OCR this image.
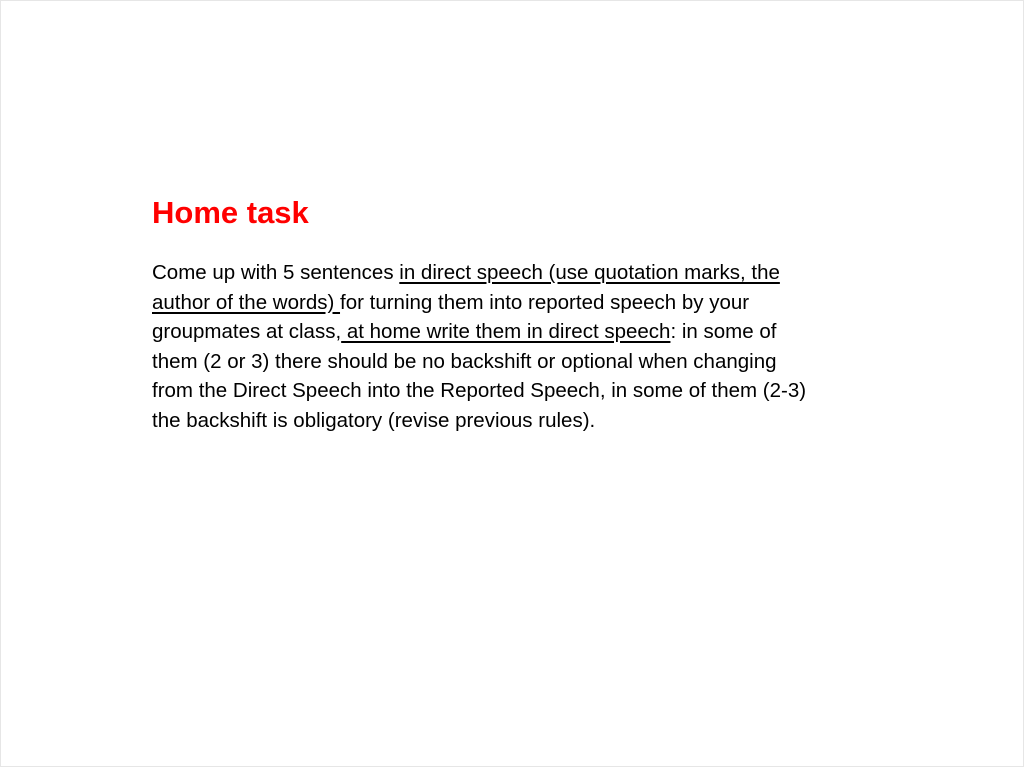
Home task

Come up with 5 sentences in direct speech (use quotation marks, the author of the words) for turning them into reported speech by your groupmates at class, at home write them in direct speech: in some of them (2 or 3) there should be no backshift or optional when changing from the Direct Speech into the Reported Speech, in some of them (2-3) the backshift is obligatory (revise previous rules).
